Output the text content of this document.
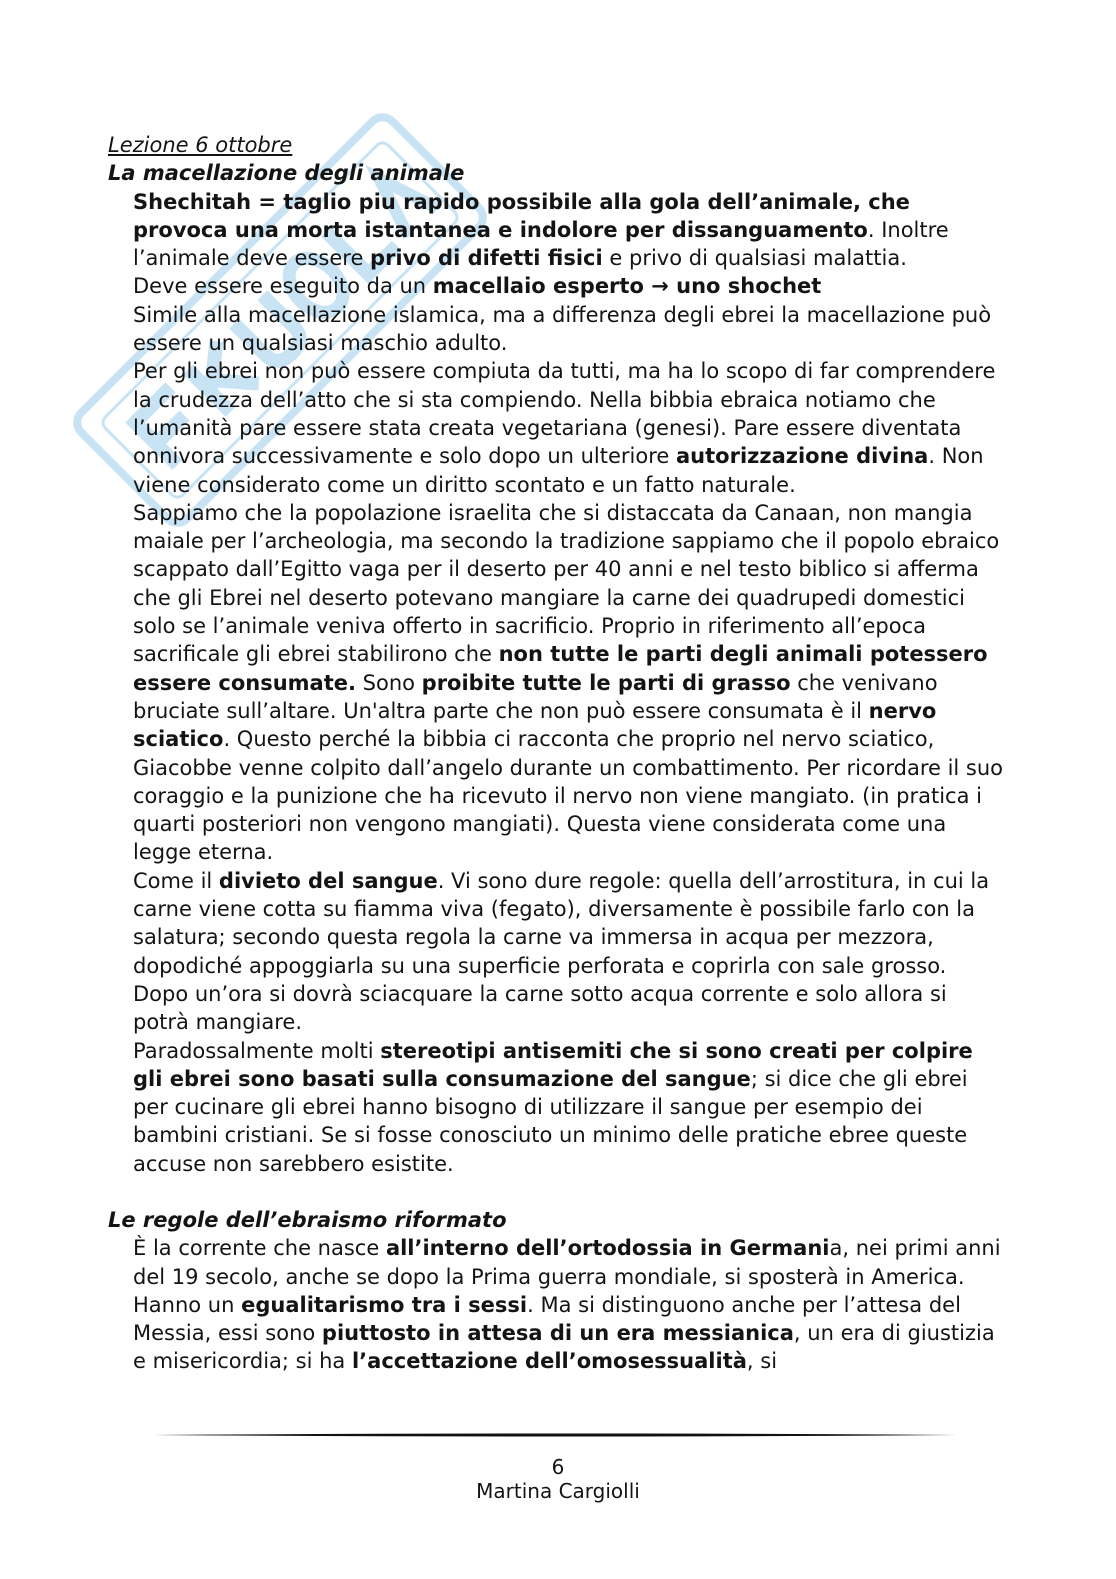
Lezione 6 ottobre
La macellazione degli animale
Shechitah = taglio piu rapido possibile alla gola dell’animale, che provoca una morta istantanea e indolore per dissanguamento. Inoltre l’animale deve essere privo di difetti fisici e privo di qualsiasi malattia.
Deve essere eseguito da un macellaio esperto → uno shochet
Simile alla macellazione islamica, ma a differenza degli ebrei la macellazione può essere un qualsiasi maschio adulto.
Per gli ebrei non può essere compiuta da tutti, ma ha lo scopo di far comprendere la crudezza dell’atto che si sta compiendo. Nella bibbia ebraica notiamo che l’umanità pare essere stata creata vegetariana (genesi). Pare essere diventata onnivora successivamente e solo dopo un ulteriore autorizzazione divina. Non viene considerato come un diritto scontato e un fatto naturale.
Sappiamo che la popolazione israelita che si distaccata da Canaan, non mangia maiale per l’archeologia, ma secondo la tradizione sappiamo che il popolo ebraico scappato dall’Egitto vaga per il deserto per 40 anni e nel testo biblico si afferma che gli Ebrei nel deserto potevano mangiare la carne dei quadrupedi domestici solo se l’animale veniva offerto in sacrificio. Proprio in riferimento all’epoca sacrificale gli ebrei stabilirono che non tutte le parti degli animali potessero essere consumate. Sono proibite tutte le parti di grasso che venivano bruciate sull’altare. Un'altra parte che non può essere consumata è il nervo sciatico. Questo perché la bibbia ci racconta che proprio nel nervo sciatico, Giacobbe venne colpito dall’angelo durante un combattimento. Per ricordare il suo coraggio e la punizione che ha ricevuto il nervo non viene mangiato. (in pratica i quarti posteriori non vengono mangiati). Questa viene considerata come una legge eterna.
Come il divieto del sangue. Vi sono dure regole: quella dell’arrostitura, in cui la carne viene cotta su fiamma viva (fegato), diversamente è possibile farlo con la salatura; secondo questa regola la carne va immersa in acqua per mezzora, dopodiché appoggiarla su una superficie perforata e coprirla con sale grosso. Dopo un’ora si dovrà sciacquare la carne sotto acqua corrente e solo allora si potrà mangiare.
Paradossalmente molti stereotipi antisemiti che si sono creati per colpire gli ebrei sono basati sulla consumazione del sangue; si dice che gli ebrei per cucinare gli ebrei hanno bisogno di utilizzare il sangue per esempio dei bambini cristiani. Se si fosse conosciuto un minimo delle pratiche ebree queste accuse non sarebbero esistite.
Le regole dell’ebraismo riformato
È la corrente che nasce all’interno dell’ortodossia in Germania, nei primi anni del 19 secolo, anche se dopo la Prima guerra mondiale, si sposterà in America.
Hanno un egualitarismo tra i sessi. Ma si distinguono anche per l’attesa del Messia, essi sono piuttosto in attesa di un era messianica, un era di giustizia e misericordia; si ha l’accettazione dell’omosessualità, si
6
Martina Cargiolli
